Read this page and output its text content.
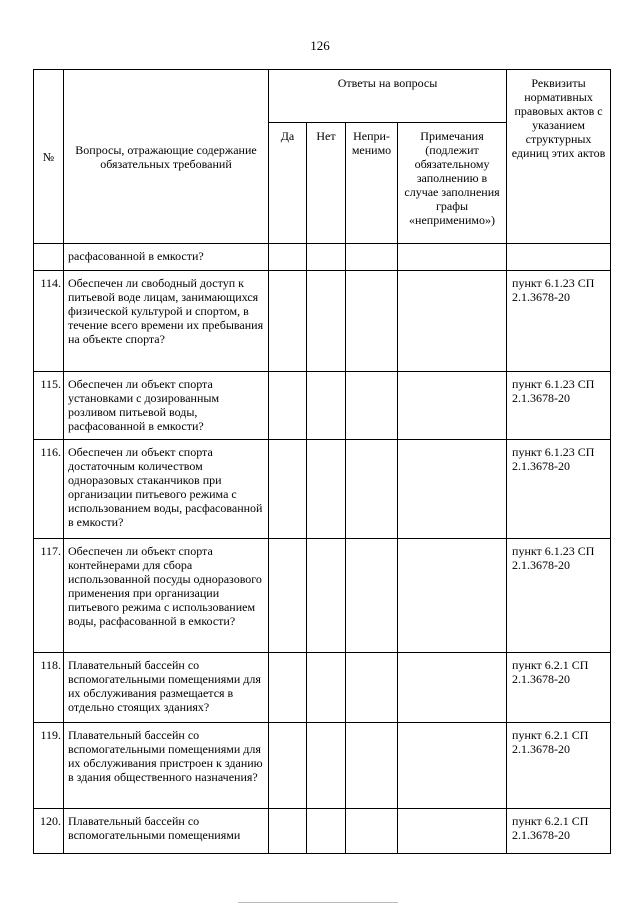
126
№	Вопросы, отражающие содержание обязательных требований	Ответы на вопросы				Реквизиты нормативных правовых актов с указанием структурных единиц этих актов
		Да	Нет	Непри-менимо	Примечания (подлежит обязательному заполнению в случае заполнения графы «неприменимо»)	
	расфасованной в емкости?					
114.	Обеспечен ли свободный доступ к питьевой воде лицам, занимающихся физической культурой и спортом, в течение всего времени их пребывания на объекте спорта?					пункт 6.1.23 СП 2.1.3678-20
115.	Обеспечен ли объект спорта установками с дозированным розливом питьевой воды, расфасованной в емкости?					пункт 6.1.23 СП 2.1.3678-20
116.	Обеспечен ли объект спорта достаточным количеством одноразовых стаканчиков при организации питьевого режима с использованием воды, расфасованной в емкости?					пункт 6.1.23 СП 2.1.3678-20
117.	Обеспечен ли объект спорта контейнерами для сбора использованной посуды одноразового применения при организации питьевого режима с использованием воды, расфасованной в емкости?					пункт 6.1.23 СП 2.1.3678-20
118.	Плавательный бассейн со вспомогательными помещениями для их обслуживания размещается в отдельно стоящих зданиях?					пункт 6.2.1 СП 2.1.3678-20
119.	Плавательный бассейн со вспомогательными помещениями для их обслуживания пристроен к зданию в здания общественного назначения?					пункт 6.2.1 СП 2.1.3678-20
120.	Плавательный бассейн со вспомогательными помещениями					пункт 6.2.1 СП 2.1.3678-20
